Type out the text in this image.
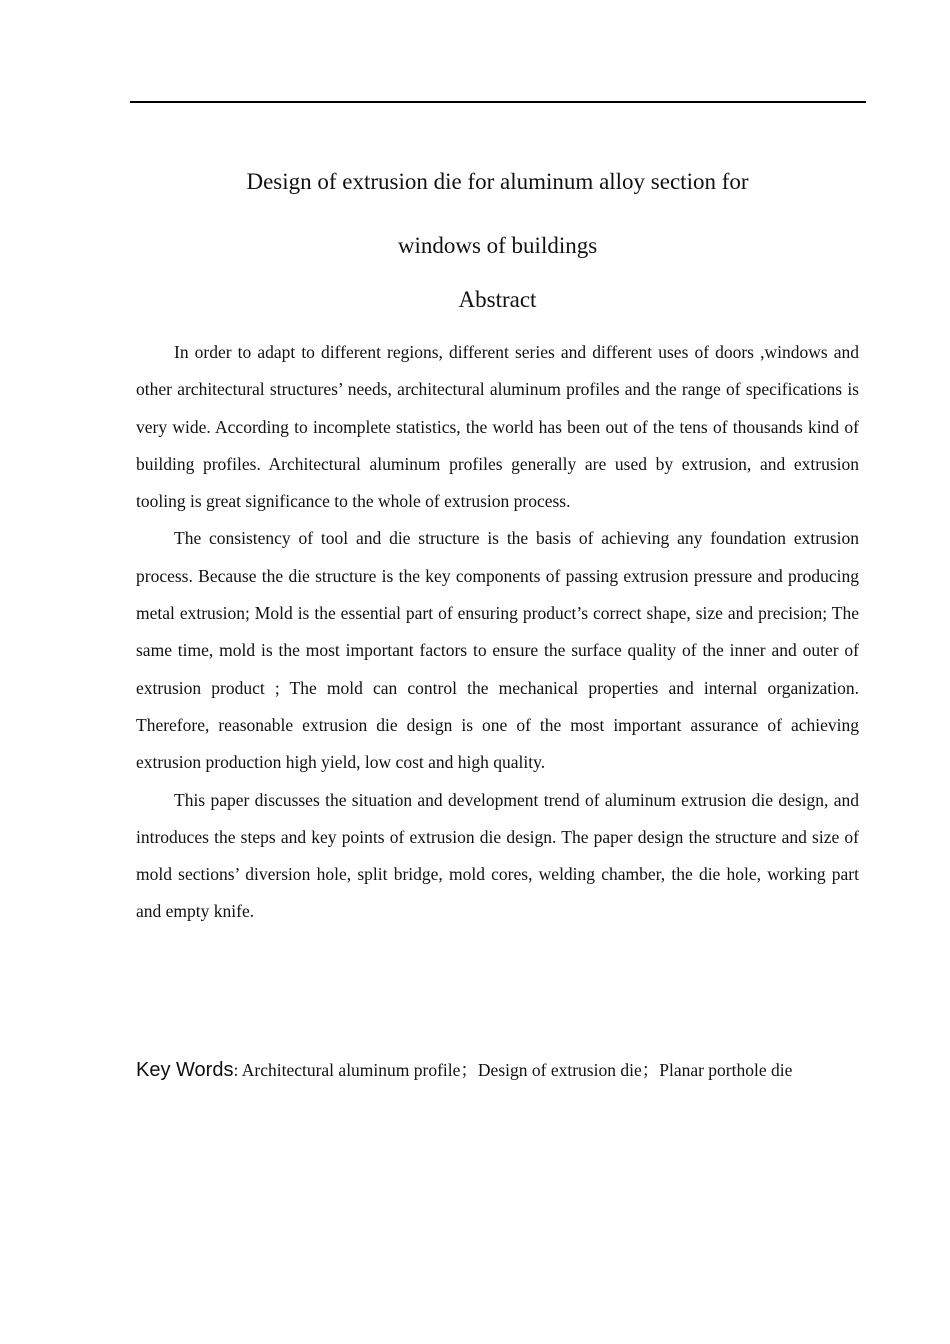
Design of extrusion die for aluminum alloy section for
windows of buildings
Abstract

In order to adapt to different regions, different series and different uses of doors ,windows and other architectural structures’ needs, architectural aluminum profiles and the range of specifications is very wide. According to incomplete statistics, the world has been out of the tens of thousands kind of building profiles. Architectural aluminum profiles generally are used by extrusion, and extrusion tooling is great significance to the whole of extrusion process.

The consistency of tool and die structure is the basis of achieving any foundation extrusion process. Because the die structure is the key components of passing extrusion pressure and producing metal extrusion; Mold is the essential part of ensuring product’s correct shape, size and precision; The same time, mold is the most important factors to ensure the surface quality of the inner and outer of extrusion product ; The mold can control the mechanical properties and internal organization. Therefore, reasonable extrusion die design is one of the most important assurance of achieving extrusion production high yield, low cost and high quality.

This paper discusses the situation and development trend of aluminum extrusion die design, and introduces the steps and key points of extrusion die design. The paper design the structure and size of mold sections’ diversion hole, split bridge, mold cores, welding chamber, the die hole, working part and empty knife.

Key Words: Architectural aluminum profile；Design of extrusion die；Planar porthole die
